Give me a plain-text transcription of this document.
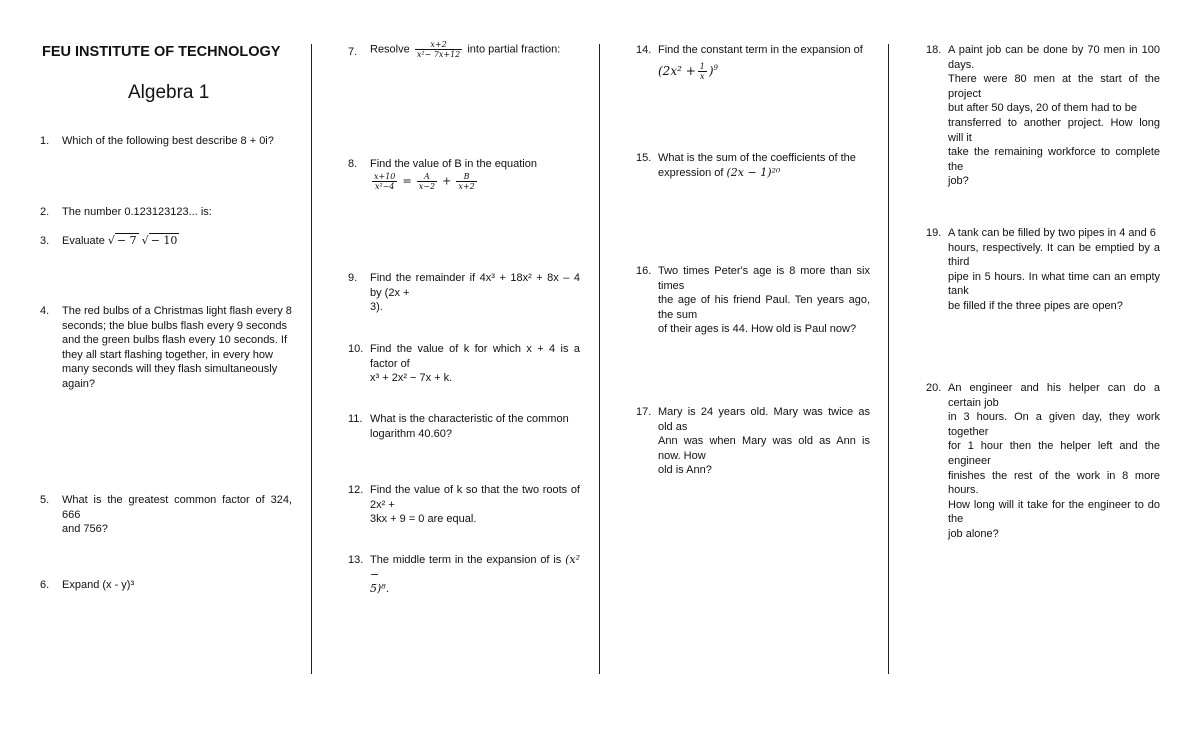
FEU INSTITUTE OF TECHNOLOGY
Algebra 1
1. Which of the following best describe 8 + 0i?
2. The number 0.123123123... is:
3. Evaluate √ − 7 √ − 10
4. The red bulbs of a Christmas light flash every 8
seconds; the blue bulbs flash every 9 seconds
and the green bulbs flash every 10 seconds. If
they all start flashing together, in every how
many seconds will they flash simultaneously
again?
5. What is the greatest common factor of 324, 666
and 756?
6. Expand (x - y)³
7. Resolve $\frac{x+2}{\text{x²− 7x+12}}$ into partial fraction:
8. Find the value of B in the equation
$\frac{x+10}{\text{x²−4}} = \frac{A}{x-2} + \frac{B}{x+2}$
9. Find the remainder if 4x³ + 18x² + 8x – 4 by (2x +
3).
10. Find the value of k for which x + 4 is a factor of
x³ + 2x² − 7x + k.
11. What is the characteristic of the common
logarithm 40.60?
12. Find the value of k so that the two roots of 2x² +
3kx + 9 = 0 are equal.
13. The middle term in the expansion of is (x² −
5)⁸.
14. Find the constant term in the expansion of
$(2x^2 + \frac{1}{x} )^9$
15. What is the sum of the coefficients of the
expression of (2x − 1)²⁰
16. Two times Peter's age is 8 more than six times
the age of his friend Paul. Ten years ago, the sum
of their ages is 44. How old is Paul now?
17. Mary is 24 years old. Mary was twice as old as
Ann was when Mary was old as Ann is now. How
old is Ann?
18. A paint job can be done by 70 men in 100 days.
There were 80 men at the start of the project
but after 50 days, 20 of them had to be
transferred to another project. How long will it
take the remaining workforce to complete the
job?
19. A tank can be filled by two pipes in 4 and 6
hours, respectively. It can be emptied by a third
pipe in 5 hours. In what time can an empty tank
be filled if the three pipes are open?
20. An engineer and his helper can do a certain job
in 3 hours. On a given day, they work together
for 1 hour then the helper left and the engineer
finishes the rest of the work in 8 more hours.
How long will it take for the engineer to do the
job alone?
